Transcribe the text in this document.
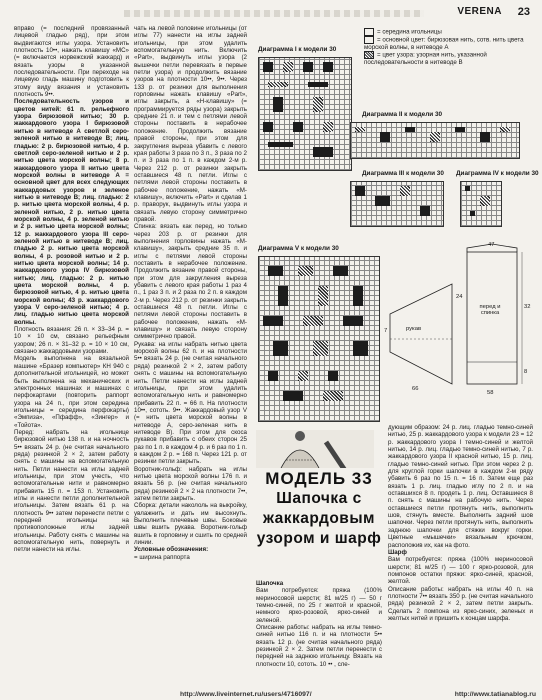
VERENA 23

вправо (= последний провязанный лицевой гладью ряд), при этом выдвигаются иглы узора. Установить плотность 10••, нажать клавишу «МС» (= включается норвежский жаккард) и вязать узоры в указанной последовательности. При переходе на лицевую гладь машину подготовить к этому виду вязания и установить плотность 9••.

Последовательность узоров и цветов нитей: 61 п. рельефного узора бирюзовой нитью; 30 р. жаккардового узора I бирюзовой нитью в нитеводе А светлой серо-зеленой нитью в нитеводе В; лиц. гладью: 2 р. бирюзовой нитью, 4 р. светлой серо-зеленой нитью и 2 р. нитью цвета морской волны; 8 р. жаккардового узора II нитью цвета морской волны в нитеводе А = основной цвет для всех следующих жаккардовых узоров и зеленое нитью в нитеводе В; лиц. гладью: 2 р. нитью цвета морской волны, 4 р. зеленой нитью, 2 р. нитью цвета морской волны, 4 р. зеленой нитью и 2 р. нитью цвета морской волны; 12 р. жаккардового узора III серо-зеленой нитью в нитеводе В; лиц. гладью 2 р. нитью цвета морской волны, 4 р. розовой нитью и 2 р. нитью цвета морской волны; 14 р. жаккардового узора IV бирюзовой нитью; лиц. гладью: 2 р. нитью цвета морской волны, 4 р. бирюзовой нитью, 4 р. нитью цвета морской волны; 43 р. жаккардового узора V серо-зеленой нитью; 4 р. лиц. гладью нитью цвета морской волны.

Плотность вязания: 26 п. × 33–34 р. = 10 × 10 см, связано рельефным узором; 26 п. × 31–32 р. = 10 × 10 см, связано жаккардовыми узорами.

Модель выполнена на вязальной машине «Бразер компьютер» КН 940 с дополнительной игольницей, но может быть выполнена на механических и электронных машинах и машинах с перфокартами (повторить раппорт узора на 24 п., при этом середина игольницы = середина перфокарты) «Эмпиза», «Пфафф», «Зингер» и «Тойота».

Перед: набрать на игольнице бирюзовой нитью 138 п. и на ночность 5•• вязать 24 р. (не считая начального ряда) резинкой 2 × 2, затем работу снять с машины на вспомогательную нить. Петли нанести на иглы задней игольницы, при этом учесть, что вспомогательные нити и равномерно прибавить 15 п. = 153 п. Установить иглы и нанести петли дополнительной игольницы. Затем вязать 61 р. на плотность 9•• затем перенести петли с передней игольницы на противоположные иглы задней игольницы. Работу снять с машины на вспомогательную нить, повернуть и петли нанести на иглы.

чать на левой половине игольницы (от иглы 77) нанести на иглы задней игольницы, при этом удалить вспомогательную нить. Включить «Part», выдвинуть иглы узора (2 вышечки петли перевязать в первые петли узора) и продолжить вязание узоров на плотности 10••, 9••. Через 133 р. от резинки для выполнения горловины нажать клавишу «Part», иглы закрыть, а «Н-клавишу» (= программируется ряды узора) закрыть средние 21 п. и тем с петлями левой стороны поставить в нерабочее положение. Продолжить вязание правой стороны, при этом для закругления выреза убавить с левого края работы 3 раза по 3 п., 3 раза по 2 п. и 3 раза по 1 п. в каждом 2-м р. Через 212 р. от резинки закрыть оставшиеся 48 п. петли. Иглы с петлями левой стороны поставить в рабочее положение, нажать «М-клавишу», включить «Part» и сделав 1 р. праворук, выдвинуть иглы узора и связать левую сторону симметрично правой.

Спинка: вязать как перед, но только через 203 р. от резинки для выполнения горловины нажать «М-клавишу», закрыть средние 35 п. и иглы с петлями левой стороны поставить в нерабочее положение. Продолжить вязание правой стороны, при этом для закругления выреза убавить с левого края работы 1 раз 4 п., 1 раз 3 п. и 2 раза по 2 п. в каждом 2-м р. Через 212 р. от резинки закрыть оставшиеся 48 п. петли. Иглы с петлями левой стороны поставить в рабочее положение, нажать «М-клавишу» и связать левую сторону симметрично правой.

Рукава: на иглы набрать нитью цвета морской волны 62 п. и на плотности 5•• вязать 24 р. (не считая начального ряда) резинкой 2 × 2, затем работу снять с машины на вспомогательную нить. Петли нанести на иглы задней игольницы, при этом удалить вспомогательную нить и равномерно прибавить 22 п. = 66 п. На плотности 10••, сототь. 9••. Жаккардовый узор V (= нить цвета морской волны в нитеводе А, серо-зеленая нить в нитеводе В). При этом для скоса рукавов прибавить с обеих сторон 25 раз по 1 п. в каждом 4 р. и 6 раз по 1 п. в каждом 2 р. = 168 п. Через 121 р. от резинки петли закрыть.

Воротник-гольф: набрать на иглы нитью цвета морской волны 176 п. и вязать 56 р. (не считая начального ряда) резинкой 2 × 2 на плотности 7••, затем петли закрыть.

Сборка: детали накололь на выкройку, увлажнить и дать им высохнуть. Выполнить плечевые швы. Боковые швы вшить рукава. Воротник-гольф вшить в горловину и сшить по средней линии.

Условные обозначения:

= ширина раппорта

= середина игольницы
= основной цвет: бирюзовая нить, сотв. нить цвета морской волны, в нитеводе А
= цвет узора: узорная нить, указанной последовательности в нитеводе В
Диаграмма I к модели 30
Диаграмма II к модели 30
Диаграмма III к модели 30 Диаграмма IV к модели 30
Диаграмма V к модели 30
рукав
перед и спинка
24
32
8
66
58
7
47
МОДЕЛЬ 33
Шапочка с
жаккардовым
узором и шарф

Шапочка

Вам потребуется: пряжа (100% мериносовой шерсти; 81 м/25 г) — 50 г темно-синей, по 25 г желтой и красной, немного ярко-розовой, ярко-синей и зеленой.

Описание работы: набрать на иглы темно-синей нитью 116 п. и на плотности 5•• вязать 12 р. (не считая начального ряда) резинкой 2 × 2. Затем петли перенести с передней на заднюю игольницу. Вязать на плотности 10, сототь. 10 •• , сле-

дующим образом: 24 р. лиц. гладью темно-синей нитью, 25 р. жаккардового узора к модели 23 = 12 р. жаккардового узора I темно-синей и желтой нитью, 14 р. лиц. гладью темно-синей нитью, 7 р. жаккардового узора II красной нитью, 15 р. лиц. гладью темно-синей нитью. При этом через 2 р. для круглой горки шапочки в каждом 2-м ряду убавить 6 раз по 15 п. = 16 п. Затем еще раз вязать 1 р. лиц. гладью иглу по 2 п. и на оставшихся 8 п. продеть 1 р. лиц. Оставшиеся 8 п. снять с машины на рабочую нить. Через оставшиеся петли протянуть нить, выполнить шов, стянуть вместе. Выполнить задний шов шапочки. Через петли протянуть нить, выполнить заднюю шапочки для стяжки вокруг горки. Цветные «мышечки» вязальным крючком, расположив их, как на фото.

Шарф

Вам потребуется: пряжа (100% мериносовой шерсти; 81 м/25 г) — 100 г ярко-розовой, для помпонов остатки пряжи: ярко-синей, красной, желтой.

Описание работы: набрать на иглы 40 п. на плотности 7•• вязать 350 р. (не считая начального ряда) резинкой 2 × 2, затем петли закрыть. Сделать 2 помпона из ярко-синих, зеленых и желтых нитей и пришить к концам шарфа.

http://www.liveinternet.ru/users/4716097/	http://www.tatianablog.ru
